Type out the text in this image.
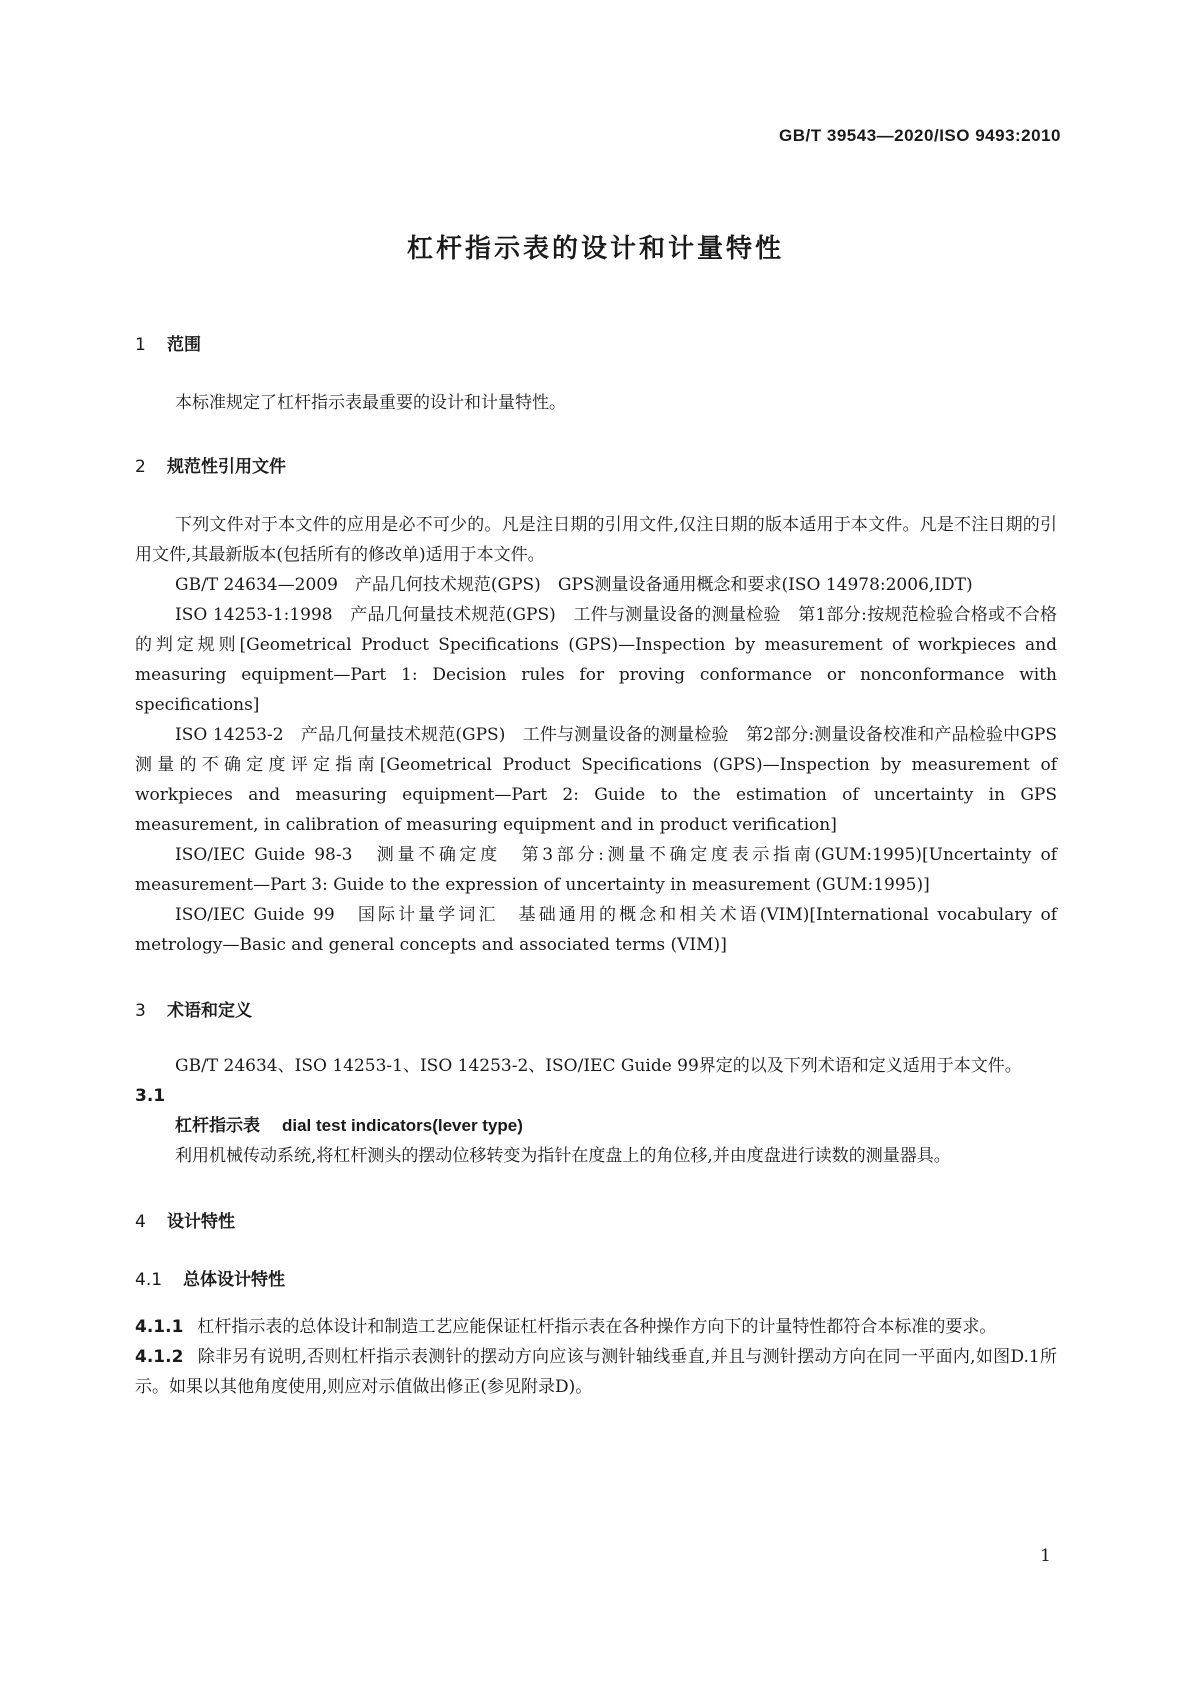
GB/T 39543—2020/ISO 9493:2010
杠杆指示表的设计和计量特性
1 范围

本标准规定了杠杆指示表最重要的设计和计量特性。

2 规范性引用文件

下列文件对于本文件的应用是必不可少的。凡是注日期的引用文件,仅注日期的版本适用于本文件。凡是不注日期的引用文件,其最新版本(包括所有的修改单)适用于本文件。

GB/T 24634—2009　产品几何技术规范(GPS)　GPS测量设备通用概念和要求(ISO 14978:2006,IDT)

ISO 14253-1:1998　产品几何量技术规范(GPS)　工件与测量设备的测量检验　第1部分:按规范检验合格或不合格的判定规则[Geometrical Product Specifications (GPS)—Inspection by measurement of workpieces and measuring equipment—Part 1: Decision rules for proving conformance or nonconformance with specifications]

ISO 14253-2　产品几何量技术规范(GPS)　工件与测量设备的测量检验　第2部分:测量设备校准和产品检验中GPS测量的不确定度评定指南[Geometrical Product Specifications (GPS)—Inspection by measurement of workpieces and measuring equipment—Part 2: Guide to the estimation of uncertainty in GPS measurement, in calibration of measuring equipment and in product verification]

ISO/IEC Guide 98-3　测量不确定度　第3部分:测量不确定度表示指南(GUM:1995)[Uncertainty of measurement—Part 3: Guide to the expression of uncertainty in measurement (GUM:1995)]

ISO/IEC Guide 99　国际计量学词汇　基础通用的概念和相关术语(VIM)[International vocabulary of metrology—Basic and general concepts and associated terms (VIM)]

3 术语和定义

GB/T 24634、ISO 14253-1、ISO 14253-2、ISO/IEC Guide 99界定的以及下列术语和定义适用于本文件。

3.1
杠杆指示表 dial test indicators(lever type)

利用机械传动系统,将杠杆测头的摆动位移转变为指针在度盘上的角位移,并由度盘进行读数的测量器具。

4 设计特性
4.1 总体设计特性

4.1.1 杠杆指示表的总体设计和制造工艺应能保证杠杆指示表在各种操作方向下的计量特性都符合本标准的要求。

4.1.2 除非另有说明,否则杠杆指示表测针的摆动方向应该与测针轴线垂直,并且与测针摆动方向在同一平面内,如图D.1所示。如果以其他角度使用,则应对示值做出修正(参见附录D)。

1
